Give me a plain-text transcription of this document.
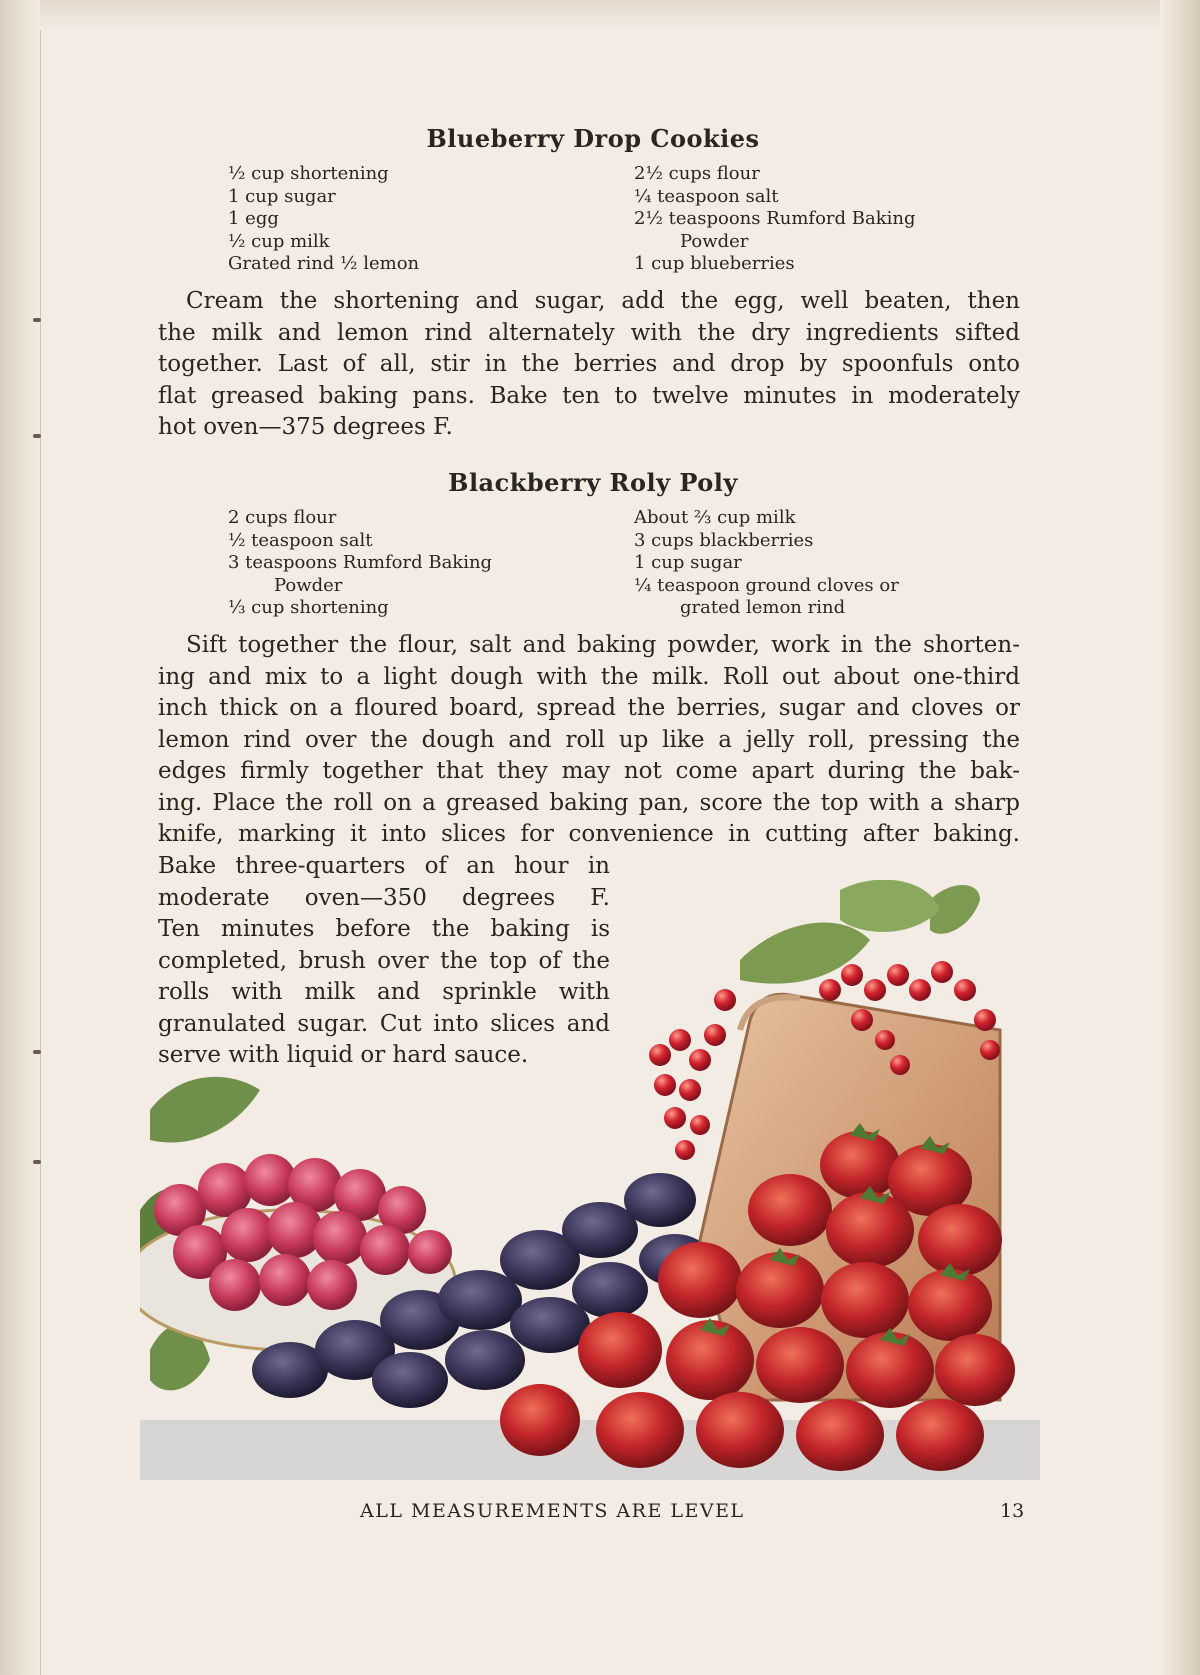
Blueberry Drop Cookies
½ cup shortening
1 cup sugar
1 egg
½ cup milk
Grated rind ½ lemon
2½ cups flour
¼ teaspoon salt
2½ teaspoons Rumford Baking
Powder
1 cup blueberries
Cream the shortening and sugar, add the egg, well beaten, then
the milk and lemon rind alternately with the dry ingredients sifted
together. Last of all, stir in the berries and drop by spoonfuls onto
flat greased baking pans. Bake ten to twelve minutes in moderately
hot oven—375 degrees F.
Blackberry Roly Poly
2 cups flour
½ teaspoon salt
3 teaspoons Rumford Baking
Powder
⅓ cup shortening
About ⅔ cup milk
3 cups blackberries
1 cup sugar
¼ teaspoon ground cloves or
grated lemon rind
Sift together the flour, salt and baking powder, work in the shorten-
ing and mix to a light dough with the milk. Roll out about one-third
inch thick on a floured board, spread the berries, sugar and cloves or
lemon rind over the dough and roll up like a jelly roll, pressing the
edges firmly together that they may not come apart during the bak-
ing. Place the roll on a greased baking pan, score the top with a sharp
knife, marking it into slices for convenience in cutting after baking.
Bake three-quarters of an hour in
moderate oven—350 degrees F.
Ten minutes before the baking is
completed, brush over the top of the
rolls with milk and sprinkle with
granulated sugar. Cut into slices and
serve with liquid or hard sauce.
ALL MEASUREMENTS ARE LEVEL	13
